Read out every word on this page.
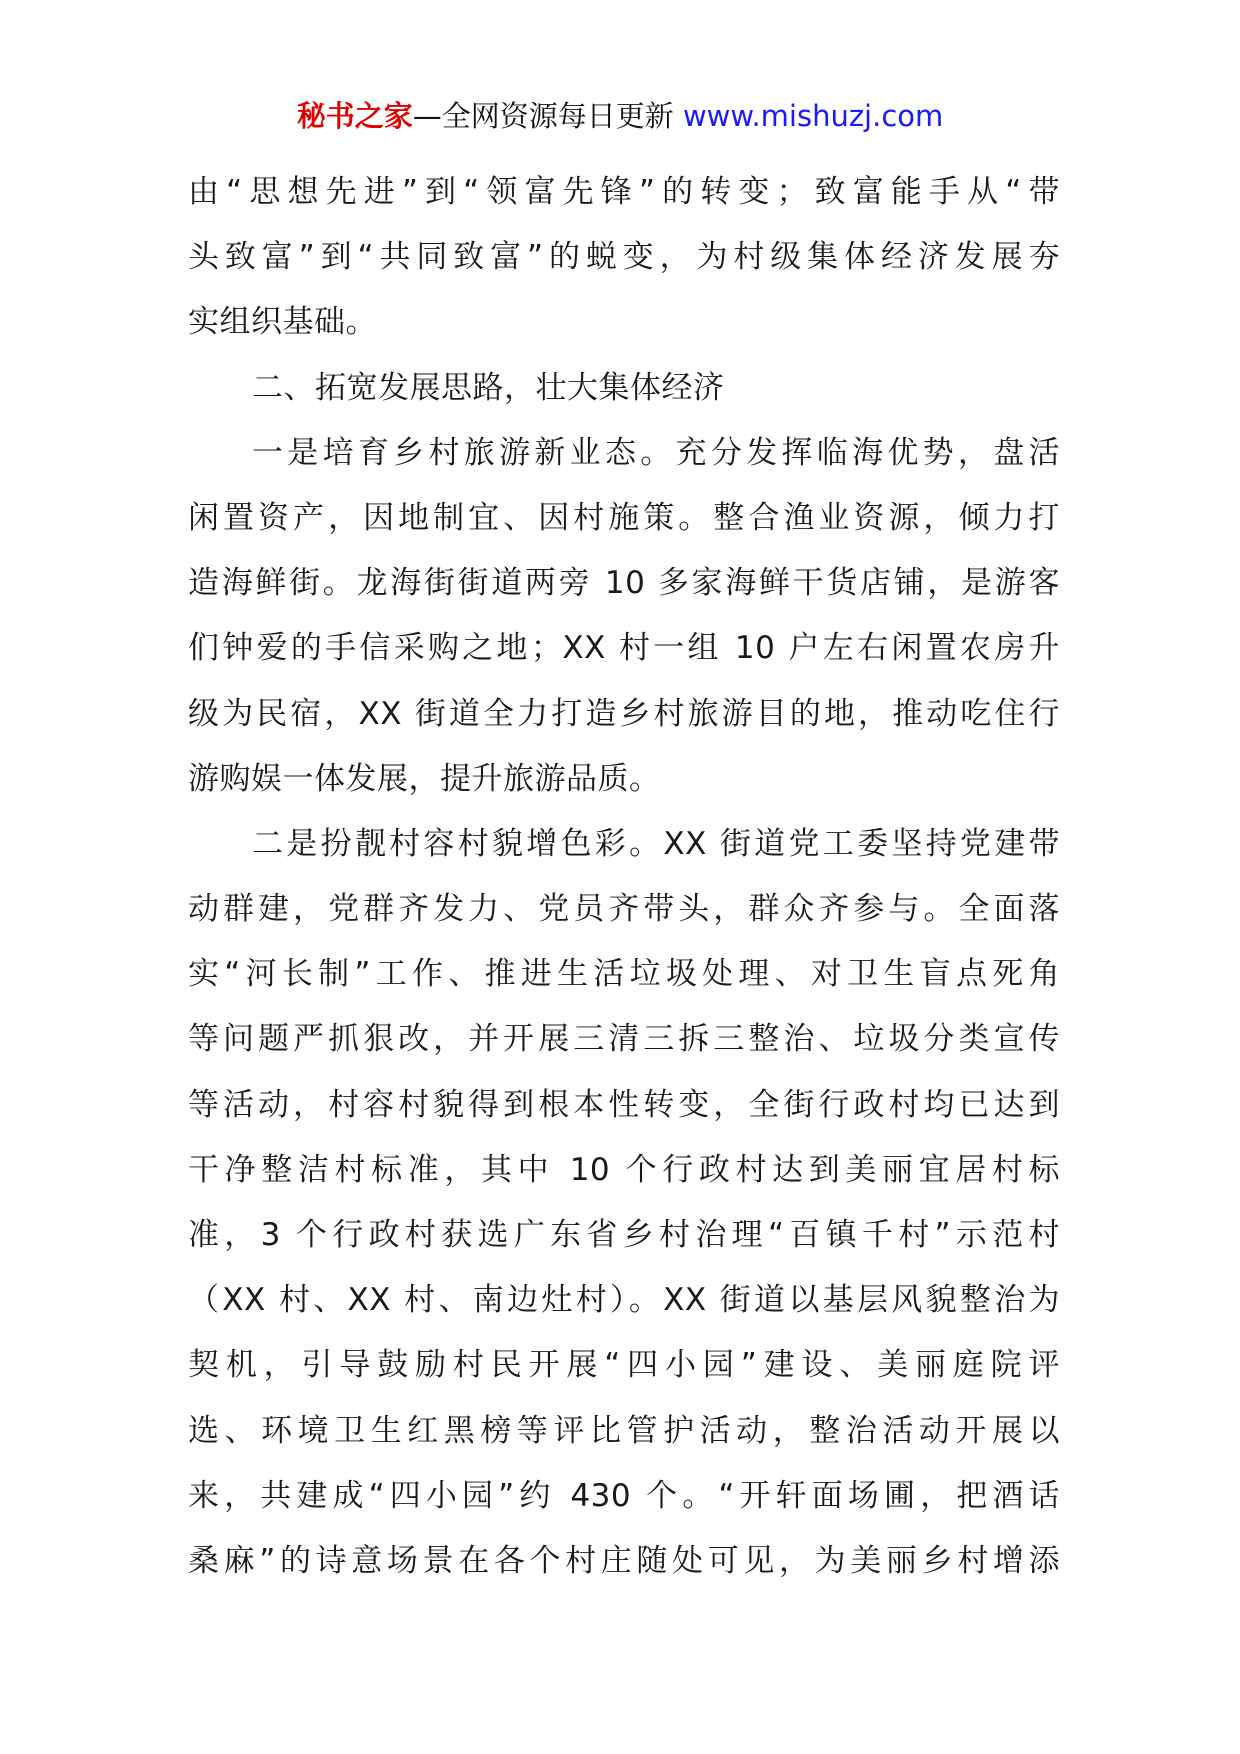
秘书之家—全网资源每日更新 www.mishuzj.com
由“思想先进”到“领富先锋”的转变；致富能手从“带
头致富”到“共同致富”的蜕变，为村级集体经济发展夯
实组织基础。
二、拓宽发展思路，壮大集体经济
一是培育乡村旅游新业态。充分发挥临海优势，盘活
闲置资产，因地制宜、因村施策。整合渔业资源，倾力打
造海鲜街。龙海街街道两旁 10 多家海鲜干货店铺，是游客
们钟爱的手信采购之地；XX 村一组 10 户左右闲置农房升
级为民宿，XX 街道全力打造乡村旅游目的地，推动吃住行
游购娱一体发展，提升旅游品质。
二是扮靓村容村貌增色彩。XX 街道党工委坚持党建带
动群建，党群齐发力、党员齐带头，群众齐参与。全面落
实“河长制”工作、推进生活垃圾处理、对卫生盲点死角
等问题严抓狠改，并开展三清三拆三整治、垃圾分类宣传
等活动，村容村貌得到根本性转变，全街行政村均已达到
干净整洁村标准，其中 10 个行政村达到美丽宜居村标
准，3 个行政村获选广东省乡村治理“百镇千村”示范村
（XX 村、XX 村、南边灶村）。XX 街道以基层风貌整治为
契机，引导鼓励村民开展“四小园”建设、美丽庭院评
选、环境卫生红黑榜等评比管护活动，整治活动开展以
来，共建成“四小园”约 430 个。“开轩面场圃，把酒话
桑麻”的诗意场景在各个村庄随处可见，为美丽乡村增添
